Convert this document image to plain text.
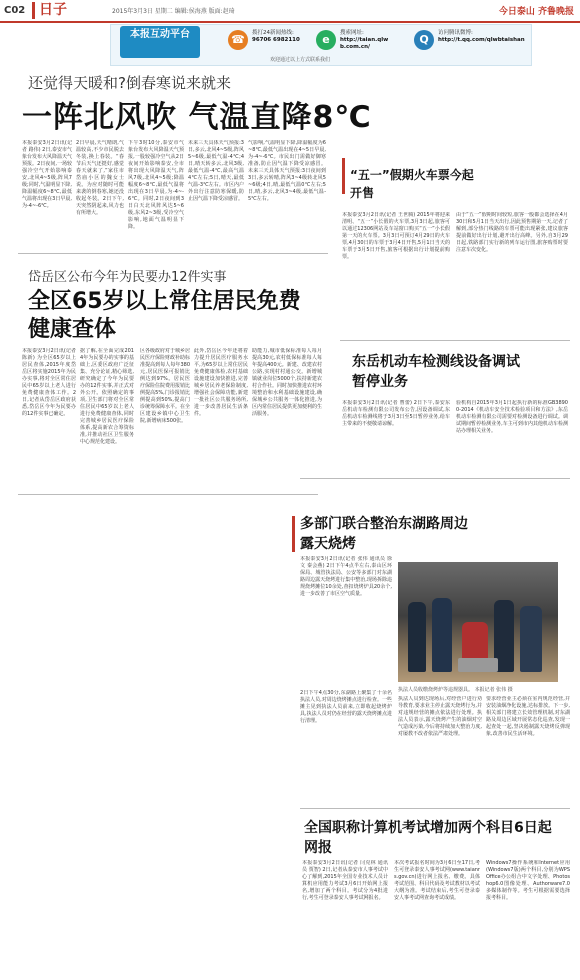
C02 日子	2015年3月3日 星期二 编辑:侯海燕 版面:赵琦	今日泰山 齐鲁晚报
本报互动平台	☎	拨打24新闻热线:
96706 6982110	e	搜索网址:
http://taian.qlw b.com.cn/
Q	访问腾讯微博:
http://t.qq.com/qlwbtaishan
欢迎通过以上方式联系我们
还觉得天暖和?倒春寒说来就来
一阵北风吹 气温直降8℃
本报泰安3月2日讯(记者 路伟) 2日,泰安市气象台发布大风降温天气预报。2日夜间,一场较强冷空气开始影响泰安,北风4~5级,阵风7级;同时,气温明显下降,降温幅度6~8℃,最低气温将出现在3日早晨,为-4~-6℃。
2日早晨,天气晴朗,气温较高,不少市民脱去冬装,换上春装。“春节后天气还挺好,感觉春天就来了,”家住市岱庙小区的魏女士说。为应对随时可能来袭的倒春寒,她还没收起冬装。2日下午,天突然阴起来,风力也有所增大。
下午3时10分,泰安市气象台发布大风降温天气预报,一股较强冷空气从2日夜间开始影响泰安,全市将出现大风降温天气,阵风7级,北风4~5级;降温幅度6~8℃,最低气温将出现在3日早晨,为-4~-6℃。同时,2日夜间到3日白天北风阵风达5~6级,东风2~3级,受冷空气影响,地面气温明显下降。
未来三天具体天气预报:3日,多云,北风4~5级,阵风5~6级,最低气温-4℃;4日,晴天转多云,北风3级,最低气温-4℃,最高气温4℃左右;5日,晴天,最低气温-3℃左右。市区内户外出行注意防寒保暖,防止因气温下降受凉感冒。
气影响,气温明显下降,降温幅度为6~8℃,最低气温出现在4~5日早晨,为-4~-6℃。市民出门需做好御寒准备,防止因气温下降受凉感冒。 未来三天具体天气预报:3日夜间到3日,多云转晴,阵风3~4级转北风5~6级;4日,晴,最低气温0℃左右;5日,晴,多云,北风3~4级,最低气温-5℃左右。
岱岳区公布今年为民要办12件实事
全区65岁以上常住居民免费健康查体
本报泰安3月2日讯(记者 陈新) 为全区65岁以上居民查体,2015年度岱岳区将实施2015年为民办实事,将对全区常住居民中65岁以上老人进行免费健康查体工作。2日,记者从岱岳区政府获悉,岱岳区今年为民要办的12件实事已确定。
据了解,在全面完成2014年为民要办的实事的基础上,区委区政府广泛征集、充分论证,精心筛选,研究确定了今年为民要办的12件实事,并正式对外公开。依照确定的事项,卫生部门将对全区常住居民中65岁以上老人进行免费健康查体,同时完善城乡居民医疗保险体系,提高新农合筹资标准,并推动社区卫生服务中心规范化建设。
区各级政府对于城乡居民医疗保险财政补助标准提高到每人每年380元,居民医保可报销比例达到97%。居民医疗保险住院费用报销比例提高5%,门诊报销比例提高到50%,提高门诊统筹保障水平。在全区建设乡镇中心卫生院,新增病床500张。
此外,岱岳区今年还将着力提升居民医疗服务水平,为65岁以上常住居民免费健康体检,农村基础设施建设加快推进,完善城乡居民养老保险制度,增强社会保障功能,新建一批社区公共服务场所,进一步改善居民生活条件。
助能力,城市低保标准每人每月提高30元,农村低保标准每人每年提高400元。新建、改建农村公路,实现村村通公交。新增城镇就业岗位5000个,扶持新建农村合作社。同时加快推进农村环境整治和水利基础设施建设,确保城乡公共服务一体化推进,为区内常住居民提供更加便利的生活服务。
“五一”假期火车票今起开售
本报泰安3月2日讯(记者 王世腾) 2015年将迎来清明、“五一”小长假的火车票,3月3日起,旅客可以通过12306网站及车站窗口购买“五一”小长假第一天的火车票。3月3日可预订4月29日的火车票,4月30日的车票于3月4日开售,5月1日当天的车票于3月5日开售,旅客可根据出行计划提前购票。
由于“五一”假期时间较短,旅客一般都会选择在4月30日和5月1日当天出行,因此预售期第一天,记者了解到,部分热门线路的车票可能出现紧张,建议旅客提前做好出行计划,避开出行高峰。另外,自3月29日起,铁路部门实行新的列车运行图,旅客购票时要注意车次变化。
东岳机动车检测线设备调试暂停业务
本报泰安3月2日讯(记者 曹蕾) 2日下午,泰安东岳机动车检测有限公司发布公告,因设备调试,东岳机动车检测线将于3月3日至5日暂停业务,给车主带来的不便敬请谅解。
验机构自2015年3月1日起执行新的标准GB38900-2014《机动车安全技术检验项目和方法》,东岳机动车检测有限公司需要对检测设备进行调试。调试期间暂停检测业务,车主可到市内其他机动车检测站办理相关业务。
多部门联合整治东湖路周边露天烧烤
本报泰安3月2日讯(记者 张伟 通讯员 徐文 秦会燕) 2日下午4点半左右,泰山区环保局、城管执法局、公安等多部门对东湖路周边露天烧烤进行集中整治,现场拆除违规烧烤摊位10余处,查扣烧烤炉具20余个,进一步改善了市区空气质量。
2日下午4点30分,东湖路上聚集了十余名执法人员,对周边烧烤摊点进行检查。一些摊主见到执法人员前来,立即收起烧烤炉具,执法人员对仍在经营的露天烧烤摊点进行清理。
执法人员收缴烧烤炉等违规器具。 本报记者 张伟 摄
执法人员到达现场后,对经营户进行劝导教育,要求业主停止露天烧烤行为,并对违规经营的摊点依法进行处理。执法人员表示,露天烧烤产生的油烟对空气造成污染,今后将持续加大整治力度,对屡教不改者依法严肃处理。
要求经营业主必须在室内规范经营,并安装油烟净化设施,达标排放。下一步,相关部门将建立长效管理机制,对东湖路及周边区域开展常态化巡查,发现一起查处一起,坚决遏制露天烧烤反弹现象,改善市民生活环境。
全国职称计算机考试增加两个科目6日起网报
本报泰安3月2日讯(记者 闫克林 通讯员 贾智) 2日,记者从泰安市人事考试中心了解到,2015年全国专业技术人员计算机应用能力考试3月6日开始网上报名,增加了两个科目。考试分为4批进行,考生可登录泰安人事考试网报名。
本次考试报名时间为3月6日至17日,考生可登录泰安人事考试网(www.taianrs.gov.cn)进行网上报名、缴费。具体考试范围、科目代码及考试教材以考试大纲为准。考试结束后,考生可登录泰安人事考试网查询考试成绩。
Windows7操作系统和Internet应用(Windows7版)两个科目,分别为WPS Office办公组合中文字处理、Photoshop6.0图像处理、Authorware7.0多媒体制作等。考生可根据需要选择报考科目。
